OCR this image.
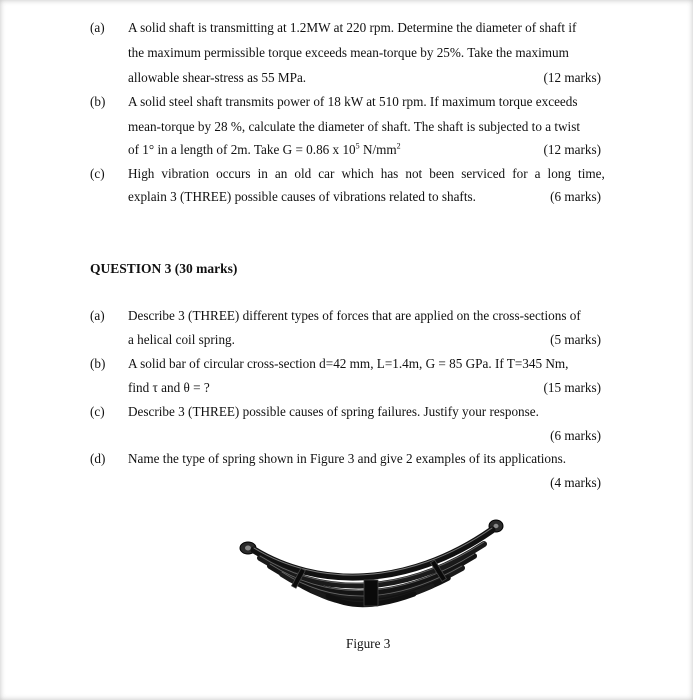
(a) A solid shaft is transmitting at 1.2MW at 220 rpm. Determine the diameter of shaft if
the maximum permissible torque exceeds mean-torque by 25%. Take the maximum
allowable shear-stress as 55 MPa.	(12 marks)
(b) A solid steel shaft transmits power of 18 kW at 510 rpm. If maximum torque exceeds
mean-torque by 28 %, calculate the diameter of shaft. The shaft is subjected to a twist
of 1° in a length of 2m. Take G = 0.86 x $10^5$ $N/mm^2$	(12 marks)
(c) High vibration occurs in an old car which has not been serviced for a long time,
explain 3 (THREE) possible causes of vibrations related to shafts.	(6 marks)
QUESTION 3 (30 marks)
(a) Describe 3 (THREE) different types of forces that are applied on the cross-sections of
a helical coil spring.	(5 marks)
(b) A solid bar of circular cross-section d=42 mm, L=1.4m, G = 85 GPa. If T=345 Nm,
find τ and θ = ?	(15 marks)
(c) Describe 3 (THREE) possible causes of spring failures. Justify your response.
(6 marks)
(d) Name the type of spring shown in Figure 3 and give 2 examples of its applications.
(4 marks)
Figure 3
